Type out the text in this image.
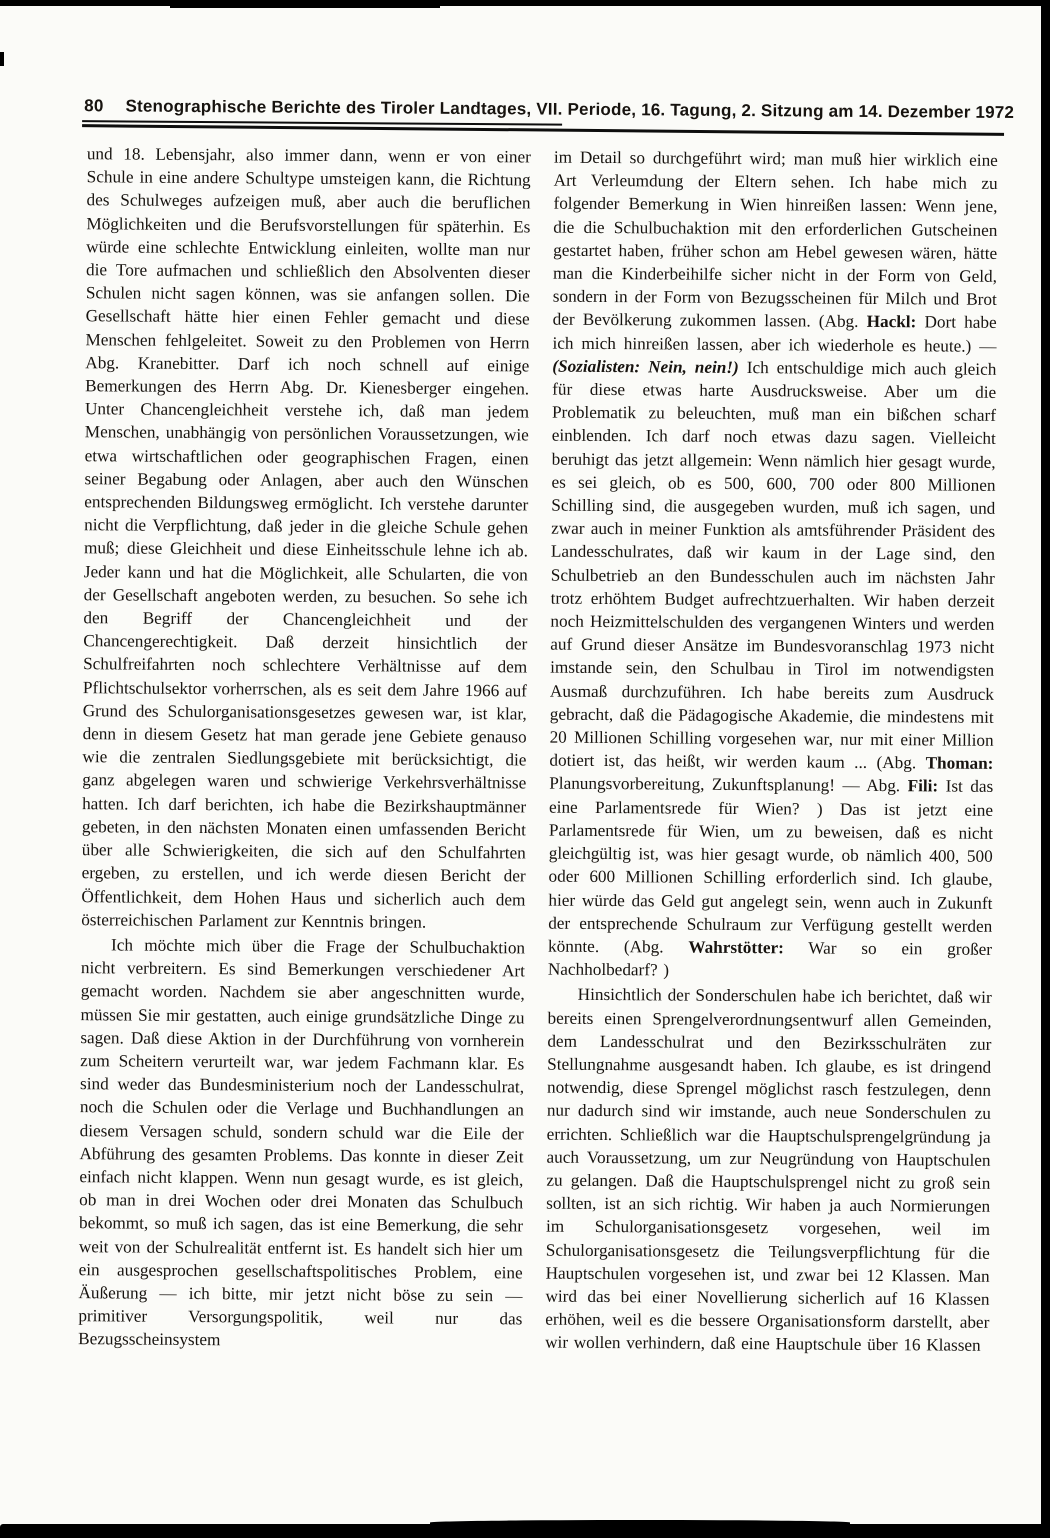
80 Stenographische Berichte des Tiroler Landtages, VII. Periode, 16. Tagung, 2. Sitzung am 14. Dezember 1972

und 18. Lebensjahr, also immer dann, wenn er von einer Schule in eine andere Schultype umsteigen kann, die Richtung des Schulweges aufzeigen muß, aber auch die beruflichen Möglichkeiten und die Berufsvorstellungen für späterhin. Es würde eine schlechte Entwicklung einleiten, wollte man nur die Tore aufmachen und schließlich den Absolventen dieser Schulen nicht sagen können, was sie anfangen sollen. Die Gesellschaft hätte hier einen Fehler gemacht und diese Menschen fehlgeleitet. Soweit zu den Problemen von Herrn Abg. Kranebitter. Darf ich noch schnell auf einige Bemerkungen des Herrn Abg. Dr. Kienesberger eingehen. Unter Chancengleichheit verstehe ich, daß man jedem Menschen, unabhängig von persönlichen Voraussetzungen, wie etwa wirtschaftlichen oder geographischen Fragen, einen seiner Begabung oder Anlagen, aber auch den Wünschen entsprechenden Bildungsweg ermöglicht. Ich verstehe darunter nicht die Verpflichtung, daß jeder in die gleiche Schule gehen muß; diese Gleichheit und diese Einheitsschule lehne ich ab. Jeder kann und hat die Möglichkeit, alle Schularten, die von der Gesellschaft angeboten werden, zu besuchen. So sehe ich den Begriff der Chancengleichheit und der Chancengerechtigkeit. Daß derzeit hinsichtlich der Schulfreifahrten noch schlechtere Verhältnisse auf dem Pflichtschulsektor vorherrschen, als es seit dem Jahre 1966 auf Grund des Schulorganisationsgesetzes gewesen war, ist klar, denn in diesem Gesetz hat man gerade jene Gebiete genauso wie die zentralen Siedlungsgebiete mit berücksichtigt, die ganz abgelegen waren und schwierige Verkehrsverhältnisse hatten. Ich darf berichten, ich habe die Bezirkshauptmänner gebeten, in den nächsten Monaten einen umfassenden Bericht über alle Schwierigkeiten, die sich auf den Schulfahrten ergeben, zu erstellen, und ich werde diesen Bericht der Öffentlichkeit, dem Hohen Haus und sicherlich auch dem österreichischen Parlament zur Kenntnis bringen.

Ich möchte mich über die Frage der Schulbuchaktion nicht verbreitern. Es sind Bemerkungen verschiedener Art gemacht worden. Nachdem sie aber angeschnitten wurde, müssen Sie mir gestatten, auch einige grundsätzliche Dinge zu sagen. Daß diese Aktion in der Durchführung von vornherein zum Scheitern verurteilt war, war jedem Fachmann klar. Es sind weder das Bundesministerium noch der Landesschulrat, noch die Schulen oder die Verlage und Buchhandlungen an diesem Versagen schuld, sondern schuld war die Eile der Abführung des gesamten Problems. Das konnte in dieser Zeit einfach nicht klappen. Wenn nun gesagt wurde, es ist gleich, ob man in drei Wochen oder drei Monaten das Schulbuch bekommt, so muß ich sagen, das ist eine Bemerkung, die sehr weit von der Schulrealität entfernt ist. Es handelt sich hier um ein ausgesprochen gesellschaftspolitisches Problem, eine Äußerung — ich bitte, mir jetzt nicht böse zu sein — primitiver Versorgungspolitik, weil nur das Bezugsscheinsystem

im Detail so durchgeführt wird; man muß hier wirklich eine Art Verleumdung der Eltern sehen. Ich habe mich zu folgender Bemerkung in Wien hinreißen lassen: Wenn jene, die die Schulbuchaktion mit den erforderlichen Gutscheinen gestartet haben, früher schon am Hebel gewesen wären, hätte man die Kinderbeihilfe sicher nicht in der Form von Geld, sondern in der Form von Bezugsscheinen für Milch und Brot der Bevölkerung zukommen lassen. (Abg. Hackl: Dort habe ich mich hinreißen lassen, aber ich wiederhole es heute.) — (Sozialisten: Nein, nein!) Ich entschuldige mich auch gleich für diese etwas harte Ausdrucksweise. Aber um die Problematik zu beleuchten, muß man ein bißchen scharf einblenden. Ich darf noch etwas dazu sagen. Vielleicht beruhigt das jetzt allgemein: Wenn nämlich hier gesagt wurde, es sei gleich, ob es 500, 600, 700 oder 800 Millionen Schilling sind, die ausgegeben wurden, muß ich sagen, und zwar auch in meiner Funktion als amtsführender Präsident des Landesschulrates, daß wir kaum in der Lage sind, den Schulbetrieb an den Bundesschulen auch im nächsten Jahr trotz erhöhtem Budget aufrechtzuerhalten. Wir haben derzeit noch Heizmittelschulden des vergangenen Winters und werden auf Grund dieser Ansätze im Bundesvoranschlag 1973 nicht imstande sein, den Schulbau in Tirol im notwendigsten Ausmaß durchzuführen. Ich habe bereits zum Ausdruck gebracht, daß die Pädagogische Akademie, die mindestens mit 20 Millionen Schilling vorgesehen war, nur mit einer Million dotiert ist, das heißt, wir werden kaum ... (Abg. Thoman: Planungsvorbereitung, Zukunftsplanung! — Abg. Fili: Ist das eine Parlamentsrede für Wien? ) Das ist jetzt eine Parlamentsrede für Wien, um zu beweisen, daß es nicht gleichgültig ist, was hier gesagt wurde, ob nämlich 400, 500 oder 600 Millionen Schilling erforderlich sind. Ich glaube, hier würde das Geld gut angelegt sein, wenn auch in Zukunft der entsprechende Schulraum zur Verfügung gestellt werden könnte. (Abg. Wahrstötter: War so ein großer Nachholbedarf? )

Hinsichtlich der Sonderschulen habe ich berichtet, daß wir bereits einen Sprengelverordnungsentwurf allen Gemeinden, dem Landesschulrat und den Bezirksschulräten zur Stellungnahme ausgesandt haben. Ich glaube, es ist dringend notwendig, diese Sprengel möglichst rasch festzulegen, denn nur dadurch sind wir imstande, auch neue Sonderschulen zu errichten. Schließlich war die Hauptschulsprengelgründung ja auch Voraussetzung, um zur Neugründung von Hauptschulen zu gelangen. Daß die Hauptschulsprengel nicht zu groß sein sollten, ist an sich richtig. Wir haben ja auch Normierungen im Schulorganisationsgesetz vorgesehen, weil im Schulorganisationsgesetz die Teilungsverpflichtung für die Hauptschulen vorgesehen ist, und zwar bei 12 Klassen. Man wird das bei einer Novellierung sicherlich auf 16 Klassen erhöhen, weil es die bessere Organisationsform darstellt, aber wir wollen verhindern, daß eine Hauptschule über 16 Klassen
